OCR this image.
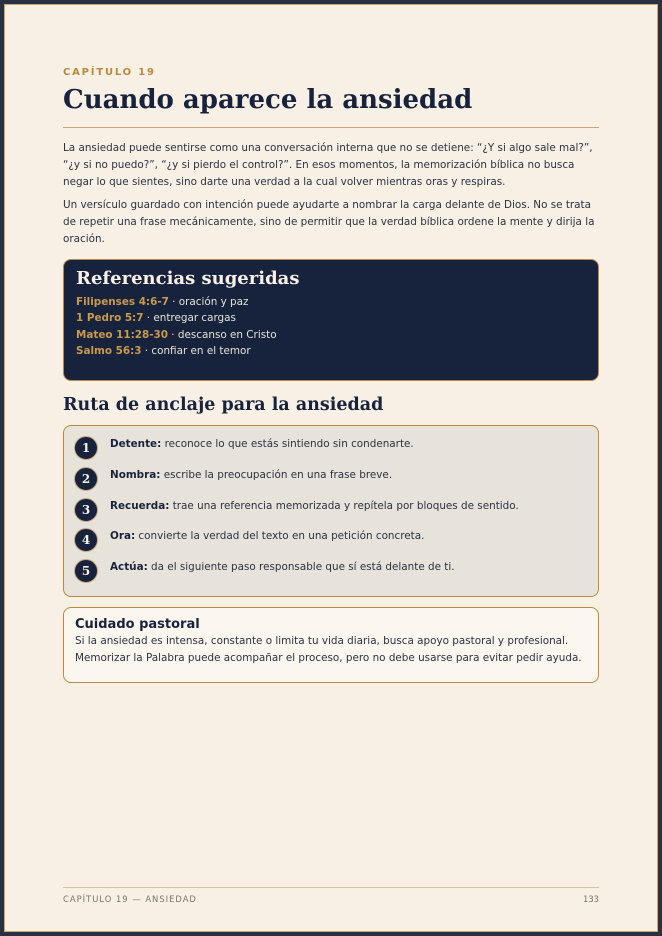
CAPÍTULO 19
Cuando aparece la ansiedad

La ansiedad puede sentirse como una conversación interna que no se detiene: “¿Y si algo sale mal?”, “¿y si no puedo?”, “¿y si pierdo el control?”. En esos momentos, la memorización bíblica no busca negar lo que sientes, sino darte una verdad a la cual volver mientras oras y respiras.

Un versículo guardado con intención puede ayudarte a nombrar la carga delante de Dios. No se trata de repetir una frase mecánicamente, sino de permitir que la verdad bíblica ordene la mente y dirija la oración.

Referencias sugeridas
Filipenses 4:6-7 · oración y paz
1 Pedro 5:7 · entregar cargas
Mateo 11:28-30 · descanso en Cristo
Salmo 56:3 · confiar en el temor
Ruta de anclaje para la ansiedad
1	Detente: reconoce lo que estás sintiendo sin condenarte.
2	Nombra: escribe la preocupación en una frase breve.
3	Recuerda: trae una referencia memorizada y repítela por bloques de sentido.
4	Ora: convierte la verdad del texto en una petición concreta.
5	Actúa: da el siguiente paso responsable que sí está delante de ti.
Cuidado pastoral

Si la ansiedad es intensa, constante o limita tu vida diaria, busca apoyo pastoral y profesional. Memorizar la Palabra puede acompañar el proceso, pero no debe usarse para evitar pedir ayuda.

CAPÍTULO 19 — ANSIEDAD	133
